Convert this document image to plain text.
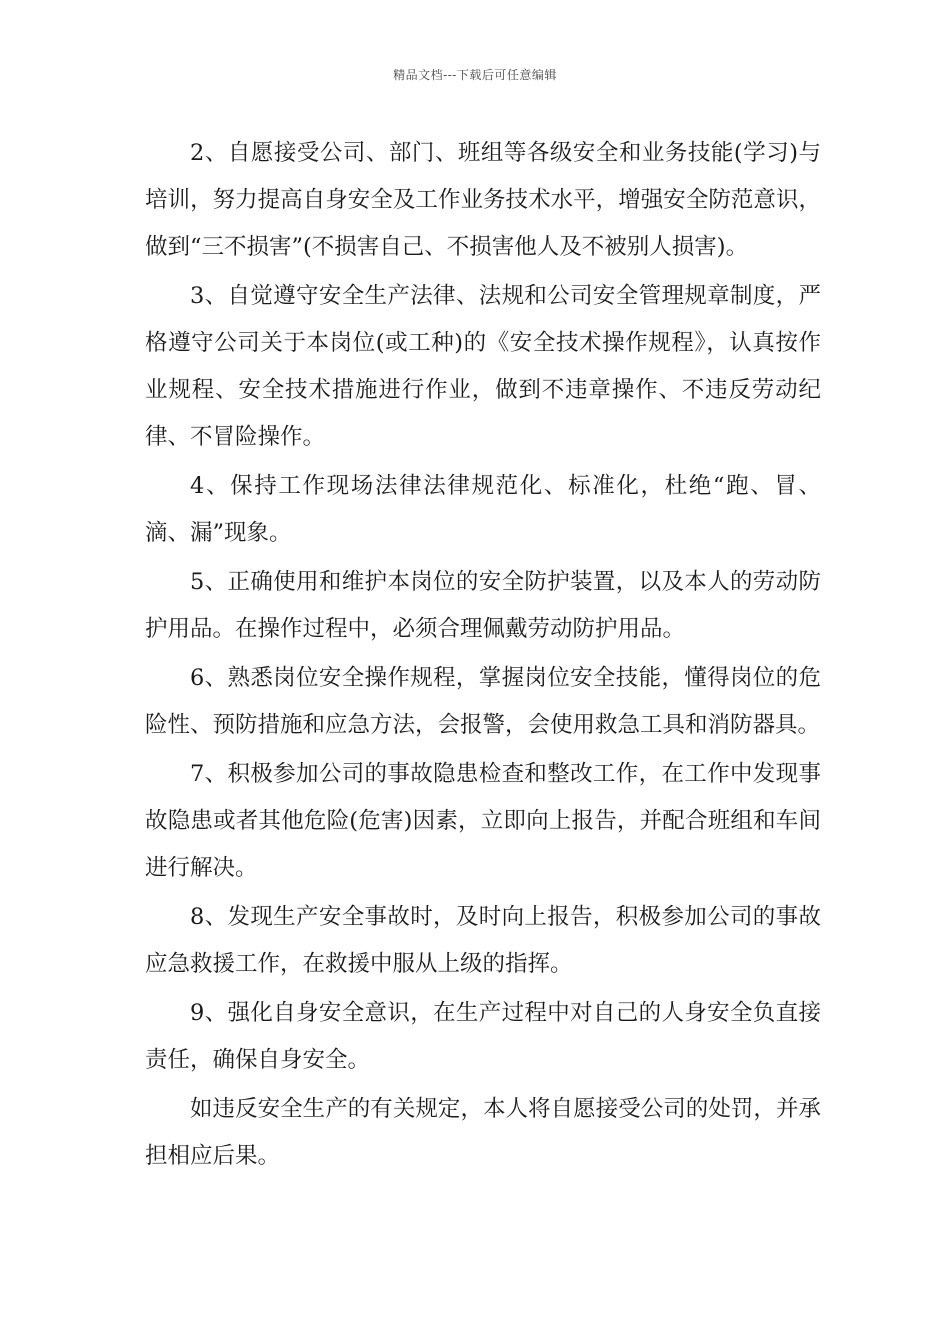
精品文档---下载后可任意编辑

2、自愿接受公司、部门、班组等各级安全和业务技能(学习)与培训，努力提高自身安全及工作业务技术水平，增强安全防范意识，做到“三不损害”(不损害自己、不损害他人及不被别人损害)。

3、自觉遵守安全生产法律、法规和公司安全管理规章制度，严格遵守公司关于本岗位(或工种)的《安全技术操作规程》，认真按作业规程、安全技术措施进行作业，做到不违章操作、不违反劳动纪律、不冒险操作。

4、保持工作现场法律法律规范化、标准化，杜绝“跑、冒、滴、漏”现象。

5、正确使用和维护本岗位的安全防护装置，以及本人的劳动防护用品。在操作过程中，必须合理佩戴劳动防护用品。

6、熟悉岗位安全操作规程，掌握岗位安全技能，懂得岗位的危险性、预防措施和应急方法，会报警，会使用救急工具和消防器具。

7、积极参加公司的事故隐患检查和整改工作，在工作中发现事故隐患或者其他危险(危害)因素，立即向上报告，并配合班组和车间进行解决。

8、发现生产安全事故时，及时向上报告，积极参加公司的事故应急救援工作，在救援中服从上级的指挥。

9、强化自身安全意识，在生产过程中对自己的人身安全负直接责任，确保自身安全。

如违反安全生产的有关规定，本人将自愿接受公司的处罚，并承担相应后果。
